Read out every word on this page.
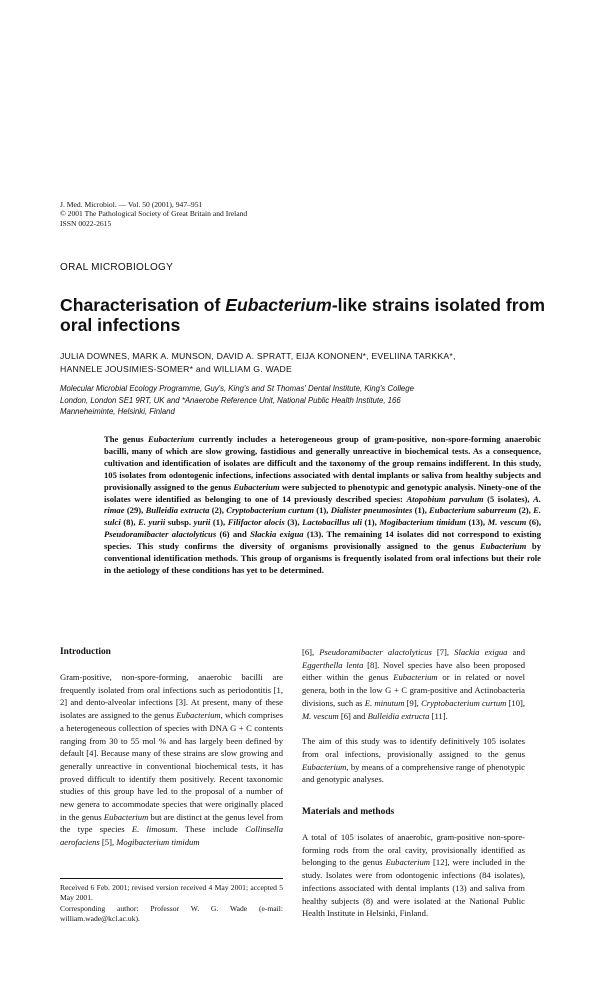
J. Med. Microbiol. — Vol. 50 (2001), 947–951
© 2001 The Pathological Society of Great Britain and Ireland
ISSN 0022-2615
ORAL MICROBIOLOGY
Characterisation of Eubacterium-like strains isolated from oral infections
JULIA DOWNES, MARK A. MUNSON, DAVID A. SPRATT, EIJA KONONEN*, EVELIINA TARKKA*,
HANNELE JOUSIMIES-SOMER* and WILLIAM G. WADE
Molecular Microbial Ecology Programme, Guy's, King's and St Thomas' Dental Institute, King's College
London, London SE1 9RT, UK and *Anaerobe Reference Unit, National Public Health Institute, 166
Manneheiminte, Helsinki, Finland
The genus Eubacterium currently includes a heterogeneous group of gram-positive, non-spore-forming anaerobic bacilli, many of which are slow growing, fastidious and generally unreactive in biochemical tests. As a consequence, cultivation and identification of isolates are difficult and the taxonomy of the group remains indifferent. In this study, 105 isolates from odontogenic infections, infections associated with dental implants or saliva from healthy subjects and provisionally assigned to the genus Eubacterium were subjected to phenotypic and genotypic analysis. Ninety-one of the isolates were identified as belonging to one of 14 previously described species: Atopobium parvulum (5 isolates), A. rimae (29), Bulleidia extructa (2), Cryptobacterium curtum (1), Dialister pneumosintes (1), Eubacterium saburreum (2), E. sulci (8), E. yurii subsp. yurii (1), Filifactor alocis (3), Lactobacillus uli (1), Mogibacterium timidum (13), M. vescum (6), Pseudoramibacter alactolyticus (6) and Slackia exigua (13). The remaining 14 isolates did not correspond to existing species. This study confirms the diversity of organisms provisionally assigned to the genus Eubacterium by conventional identification methods. This group of organisms is frequently isolated from oral infections but their role in the aetiology of these conditions has yet to be determined.
Introduction

Gram-positive, non-spore-forming, anaerobic bacilli are frequently isolated from oral infections such as periodontitis [1, 2] and dento-alveolar infections [3]. At present, many of these isolates are assigned to the genus Eubacterium, which comprises a heterogeneous collection of species with DNA G + C contents ranging from 30 to 55 mol % and has largely been defined by default [4]. Because many of these strains are slow growing and generally unreactive in conventional biochemical tests, it has proved difficult to identify them positively. Recent taxonomic studies of this group have led to the proposal of a number of new genera to accommodate species that were originally placed in the genus Eubacterium but are distinct at the genus level from the type species E. limosum. These include Collinsella aerofaciens [5], Mogibacterium timidum

[6], Pseudoramibacter alactolyticus [7], Slackia exigua and Eggerthella lenta [8]. Novel species have also been proposed either within the genus Eubacterium or in related or novel genera, both in the low G + C gram-positive and Actinobacteria divisions, such as E. minutum [9], Cryptobacterium curtum [10], M. vescum [6] and Bulleidia extructa [11].

The aim of this study was to identify definitively 105 isolates from oral infections, provisionally assigned to the genus Eubacterium, by means of a comprehensive range of phenotypic and genotypic analyses.

Materials and methods

A total of 105 isolates of anaerobic, gram-positive non-spore-forming rods from the oral cavity, provisionally identified as belonging to the genus Eubacterium [12], were included in the study. Isolates were from odontogenic infections (84 isolates), infections associated with dental implants (13) and saliva from healthy subjects (8) and were isolated at the National Public Health Institute in Helsinki, Finland.

Received 6 Feb. 2001; revised version received 4 May 2001; accepted 5 May 2001.

Corresponding author: Professor W. G. Wade (e-mail: william.wade@kcl.ac.uk).
